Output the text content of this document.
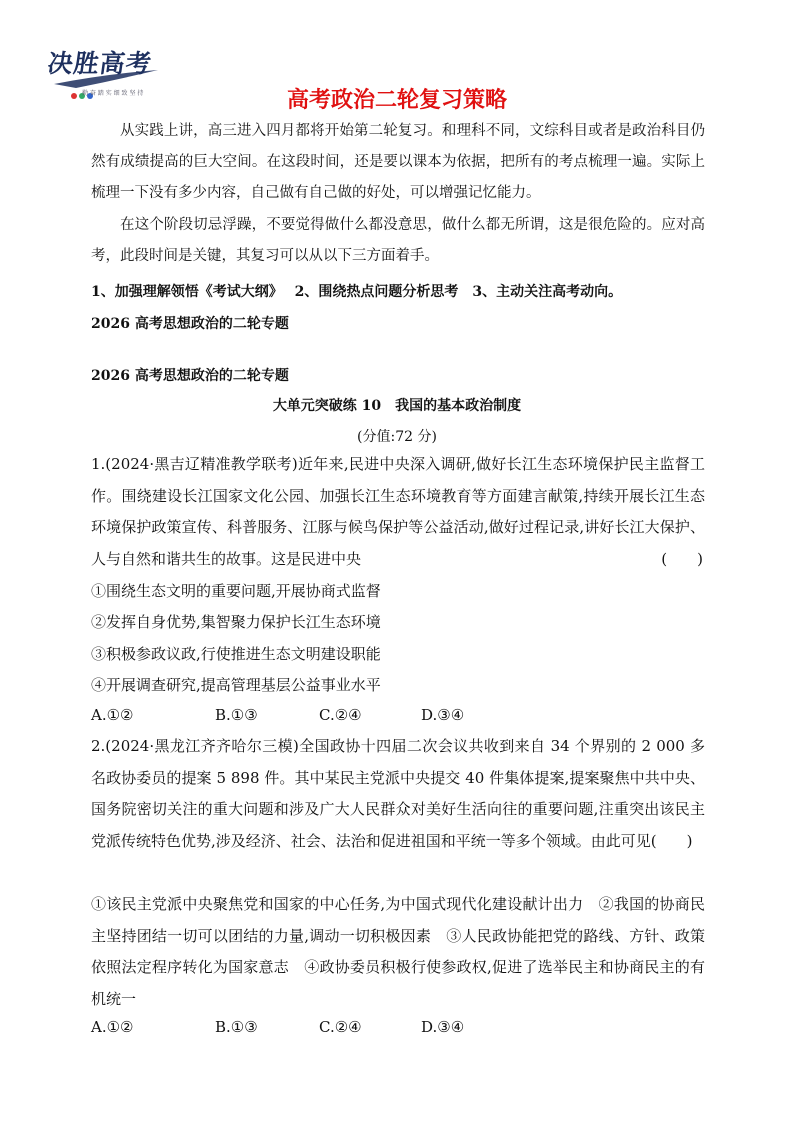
决胜高考
勤 奋 踏 实 细 致 坚 持	高考政治二轮复习策略

从实践上讲，高三进入四月都将开始第二轮复习。和理科不同，文综科目或者是政治科目仍然有成绩提高的巨大空间。在这段时间，还是要以课本为依据，把所有的考点梳理一遍。实际上梳理一下没有多少内容，自己做有自己做的好处，可以增强记忆能力。

在这个阶段切忌浮躁，不要觉得做什么都没意思，做什么都无所谓，这是很危险的。应对高考，此段时间是关键，其复习可以从以下三方面着手。

1、加强理解领悟《考试大纲》　 2、围绕热点问题分析思考　3、主动关注高考动向。
2026 高考思想政治的二轮专题
2026 高考思想政治的二轮专题
大单元突破练 10　我国的基本政治制度
(分值:72 分)
1.(2024·黑吉辽精准教学联考)近年来,民进中央深入调研,做好长江生态环境保护民主监督工作。围绕建设长江国家文化公园、加强长江生态环境教育等方面建言献策,持续开展长江生态环境保护政策宣传、科普服务、江豚与候鸟保护等公益活动,做好过程记录,讲好长江大保护、人与自然和谐共生的故事。这是民进中央	(　　)
①围绕生态文明的重要问题,开展协商式监督
②发挥自身优势,集智聚力保护长江生态环境
③积极参政议政,行使推进生态文明建设职能
④开展调查研究,提高管理基层公益事业水平
A.①②	B.①③	C.②④	D.③④
2.(2024·黑龙江齐齐哈尔三模)全国政协十四届二次会议共收到来自 34 个界别的 2 000 多名政协委员的提案 5 898 件。其中某民主党派中央提交 40 件集体提案,提案聚焦中共中央、国务院密切关注的重大问题和涉及广大人民群众对美好生活向往的重要问题,注重突出该民主党派传统特色优势,涉及经济、社会、法治和促进祖国和平统一等多个领域。由此可见(　　)
①该民主党派中央聚焦党和国家的中心任务,为中国式现代化建设献计出力　②我国的协商民主坚持团结一切可以团结的力量,调动一切积极因素　③人民政协能把党的路线、方针、政策依照法定程序转化为国家意志　④政协委员积极行使参政权,促进了选举民主和协商民主的有机统一
A.①②	B.①③	C.②④	D.③④
